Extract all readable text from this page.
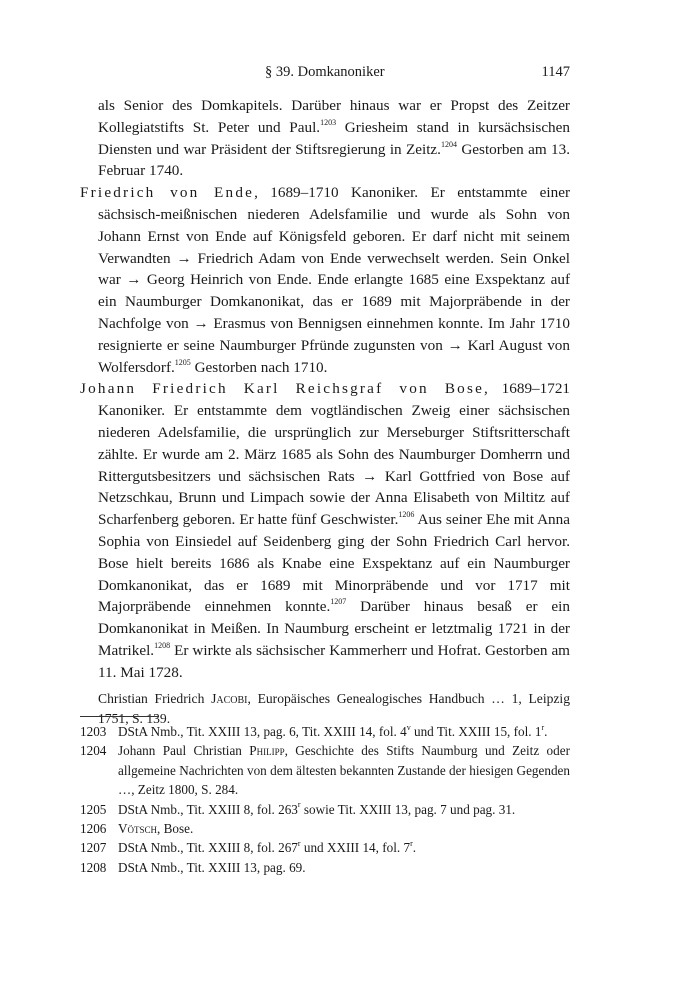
§ 39. Domkanoniker	1147

als Senior des Domkapitels. Darüber hinaus war er Propst des Zeitzer Kollegiatstifts St. Peter und Paul.$^{1203}$ Griesheim stand in kursächsischen Diensten und war Präsident der Stiftsregierung in Zeitz.$^{1204}$ Gestorben am 13. Februar 1740.

Friedrich von Ende, 1689–1710 Kanoniker. Er entstammte einer sächsisch-meißnischen niederen Adelsfamilie und wurde als Sohn von Johann Ernst von Ende auf Königsfeld geboren. Er darf nicht mit seinem Verwandten → Friedrich Adam von Ende verwechselt werden. Sein Onkel war → Georg Heinrich von Ende. Ende erlangte 1685 eine Exspektanz auf ein Naumburger Domkanonikat, das er 1689 mit Majorpräbende in der Nachfolge von → Erasmus von Bennigsen einnehmen konnte. Im Jahr 1710 resignierte er seine Naumburger Pfründe zugunsten von → Karl August von Wolfersdorf.$^{1205}$ Gestorben nach 1710.

Johann Friedrich Karl Reichsgraf von Bose, 1689–1721 Kanoniker. Er entstammte dem vogtländischen Zweig einer sächsischen niederen Adelsfamilie, die ursprünglich zur Merseburger Stiftsritterschaft zählte. Er wurde am 2. März 1685 als Sohn des Naumburger Domherrn und Rittergutsbesitzers und sächsischen Rats → Karl Gottfried von Bose auf Netzschkau, Brunn und Limpach sowie der Anna Elisabeth von Miltitz auf Scharfenberg geboren. Er hatte fünf Geschwister.$^{1206}$ Aus seiner Ehe mit Anna Sophia von Einsiedel auf Seidenberg ging der Sohn Friedrich Carl hervor. Bose hielt bereits 1686 als Knabe eine Exspektanz auf ein Naumburger Domkanonikat, das er 1689 mit Minorpräbende und vor 1717 mit Majorpräbende einnehmen konnte.$^{1207}$ Darüber hinaus besaß er ein Domkanonikat in Meißen. In Naumburg erscheint er letztmalig 1721 in der Matrikel.$^{1208}$ Er wirkte als sächsischer Kammerherr und Hofrat. Gestorben am 11. Mai 1728.

Christian Friedrich Jacobi, Europäisches Genealogisches Handbuch … 1, Leipzig 1751, S. 139.

1203 DStA Nmb., Tit. XXIII 13, pag. 6, Tit. XXIII 14, fol. 4$^v$ und Tit. XXIII 15, fol. 1$^r$.
1204 Johann Paul Christian Philipp, Geschichte des Stifts Naumburg und Zeitz oder allgemeine Nachrichten von dem ältesten bekannten Zustande der hiesigen Gegenden …, Zeitz 1800, S. 284.
1205 DStA Nmb., Tit. XXIII 8, fol. 263$^r$ sowie Tit. XXIII 13, pag. 7 und pag. 31.
1206 Vötsch, Bose.
1207 DStA Nmb., Tit. XXIII 8, fol. 267$^r$ und XXIII 14, fol. 7$^r$.
1208 DStA Nmb., Tit. XXIII 13, pag. 69.
